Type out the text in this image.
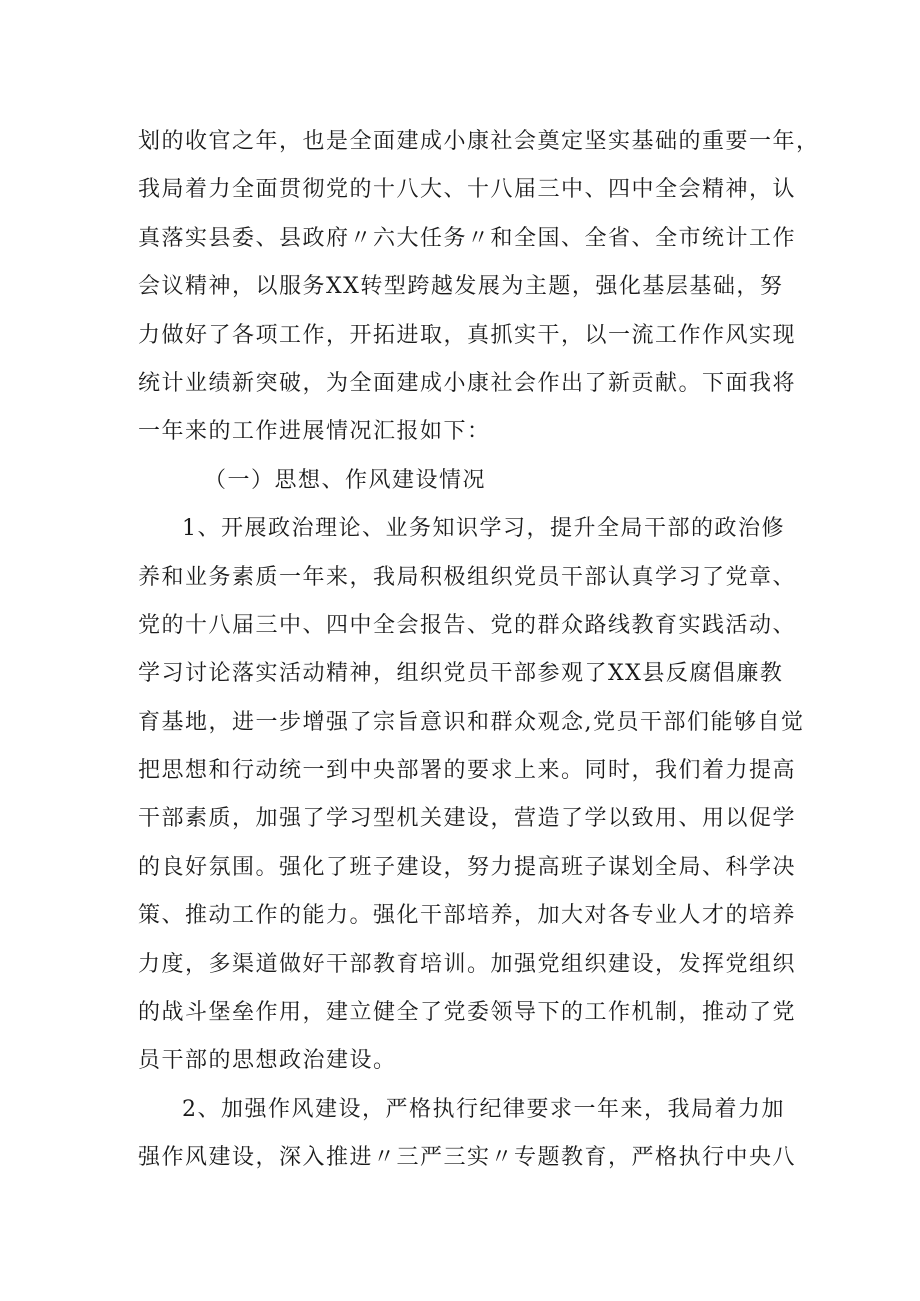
划的收官之年，也是全面建成小康社会奠定坚实基础的重要一年，
我局着力全面贯彻党的十八大、十八届三中、四中全会精神，认
真落实县委、县政府〃六大任务〃和全国、全省、全市统计工作
会议精神，以服务XX转型跨越发展为主题，强化基层基础，努
力做好了各项工作，开拓进取，真抓实干，以一流工作作风实现
统计业绩新突破，为全面建成小康社会作出了新贡献。下面我将
一年来的工作进展情况汇报如下：
（一）思想、作风建设情况
1、开展政治理论、业务知识学习，提升全局干部的政治修
养和业务素质一年来，我局积极组织党员干部认真学习了党章、
党的十八届三中、四中全会报告、党的群众路线教育实践活动、
学习讨论落实活动精神，组织党员干部参观了XX县反腐倡廉教
育基地，进一步增强了宗旨意识和群众观念,党员干部们能够自觉
把思想和行动统一到中央部署的要求上来。同时，我们着力提高
干部素质，加强了学习型机关建设，营造了学以致用、用以促学
的良好氛围。强化了班子建设，努力提高班子谋划全局、科学决
策、推动工作的能力。强化干部培养，加大对各专业人才的培养
力度，多渠道做好干部教育培训。加强党组织建设，发挥党组织
的战斗堡垒作用，建立健全了党委领导下的工作机制，推动了党
员干部的思想政治建设。
2、加强作风建设，严格执行纪律要求一年来，我局着力加
强作风建设，深入推进〃三严三实〃专题教育，严格执行中央八
